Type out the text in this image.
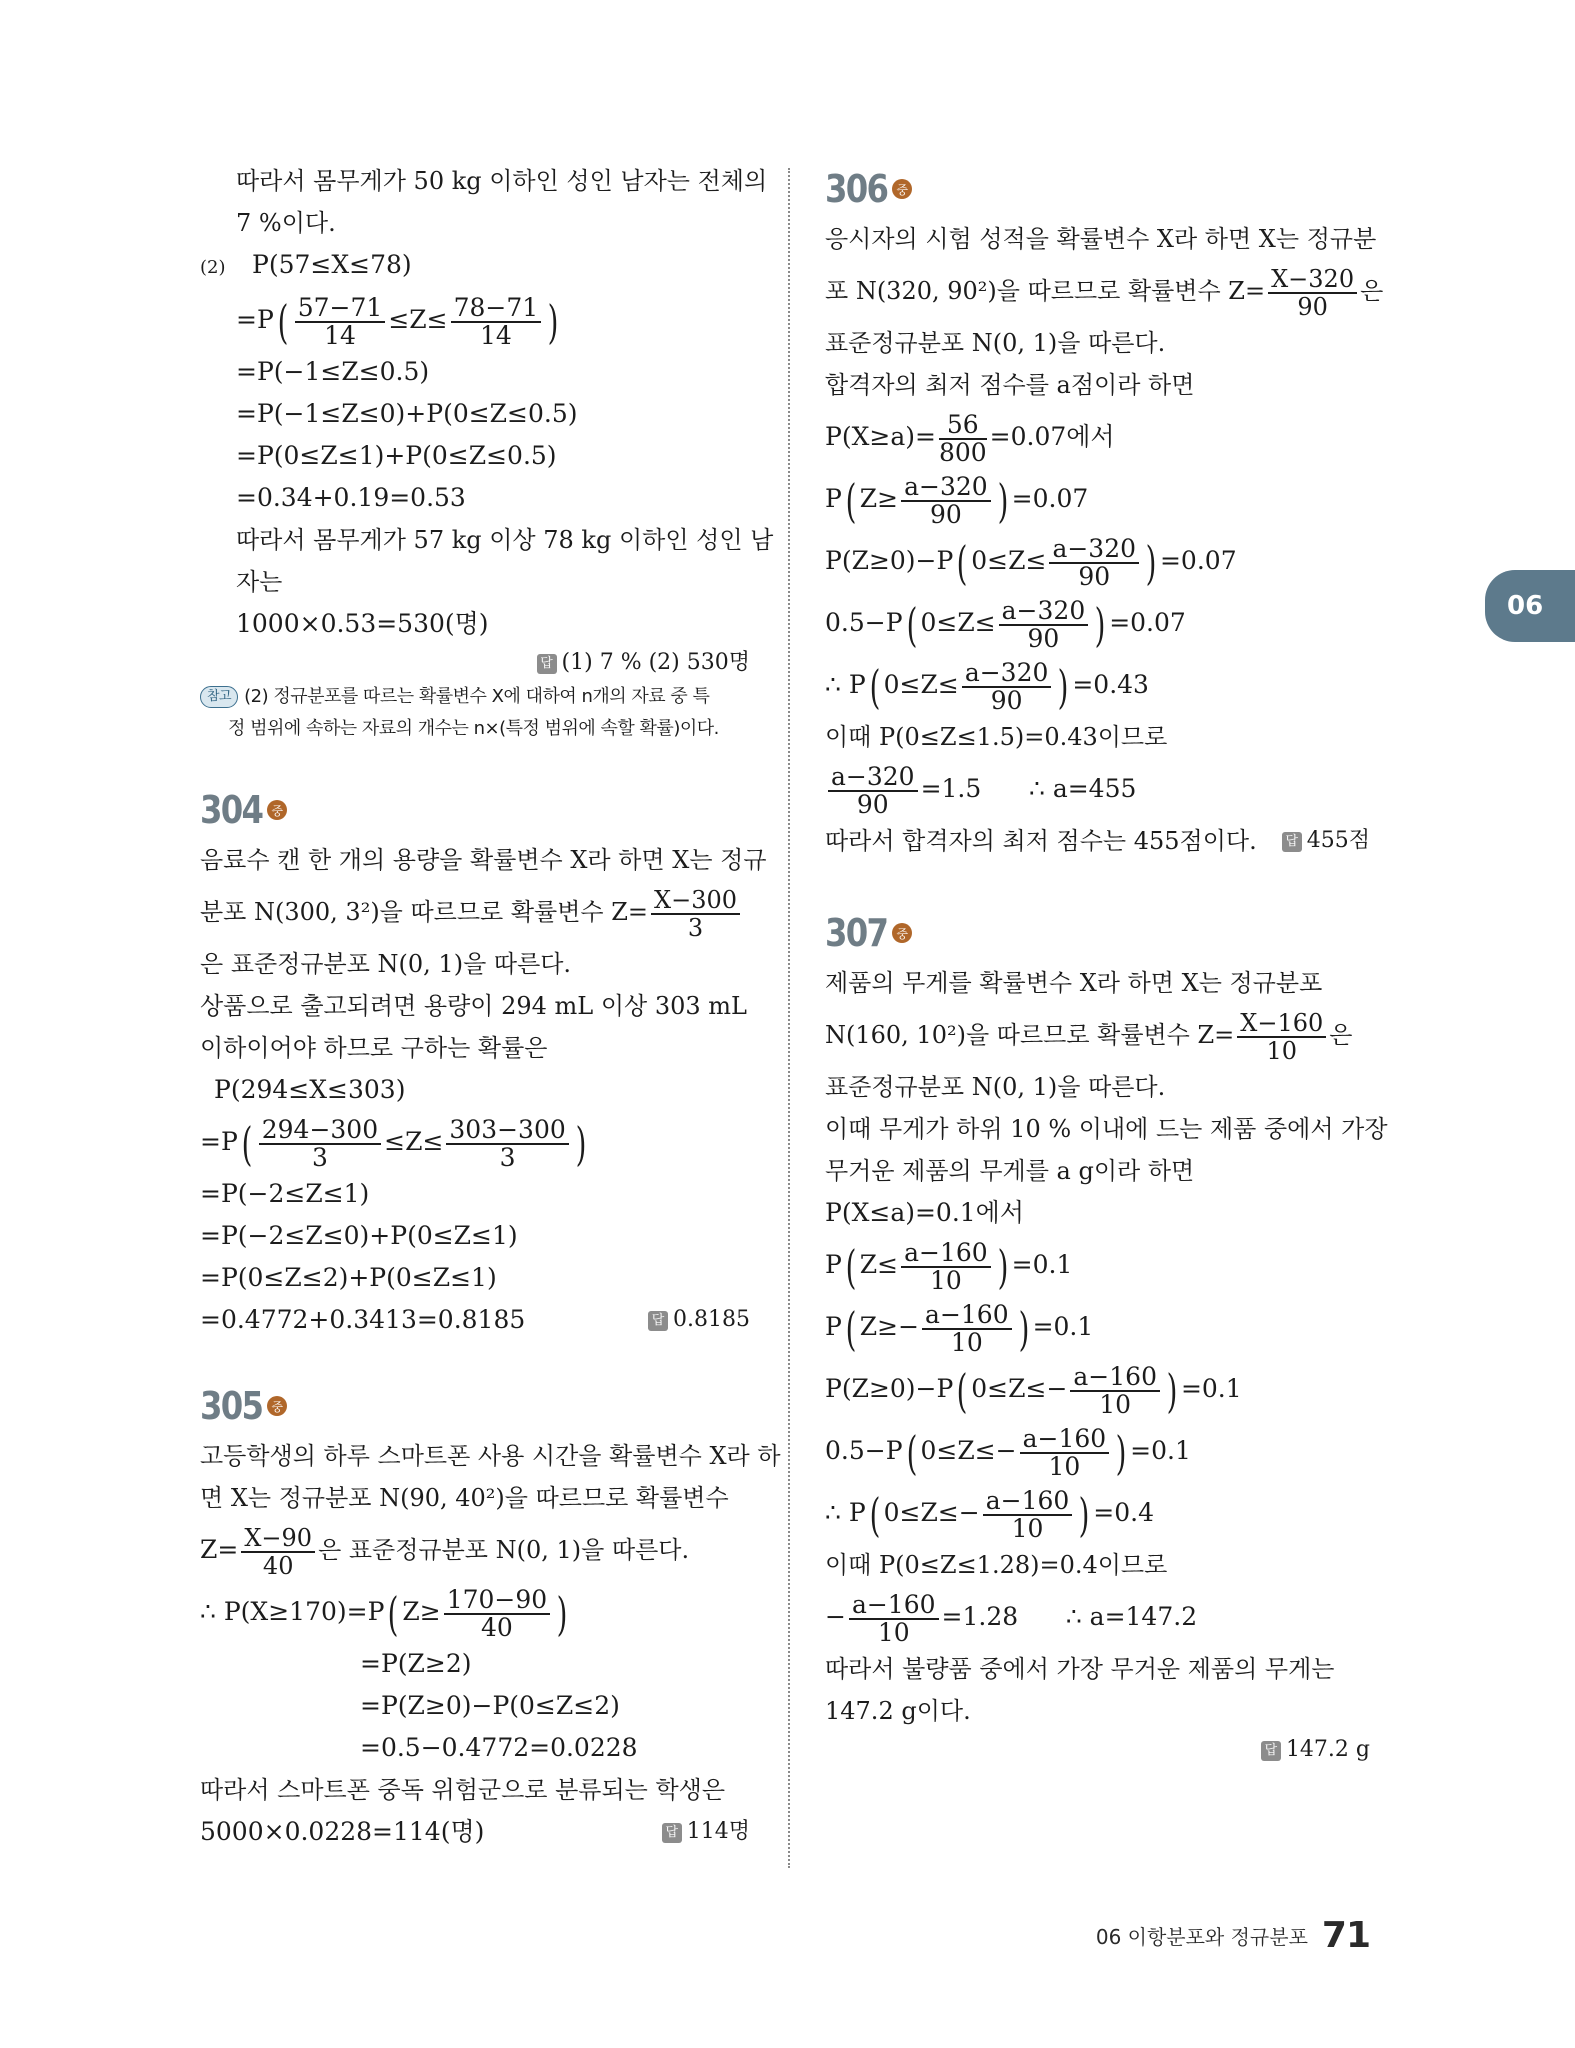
따라서 몸무게가 50 kg 이하인 성인 남자는 전체의
7 %이다.
(2) P(57≤X≤78)
$=P( \frac{57-71}{14} \le Z\le \frac{78-71}{14}$ )
=P(−1≤Z≤0.5)
=P(−1≤Z≤0)+P(0≤Z≤0.5)
=P(0≤Z≤1)+P(0≤Z≤0.5)
=0.34+0.19=0.53
따라서 몸무게가 57 kg 이상 78 kg 이하인 성인 남
자는
1000×0.53=530(명)
답 (1) 7 % (2) 530명
참고 (2) 정규분포를 따르는 확률변수 X에 대하여 n개의 자료 중 특
정 범위에 속하는 자료의 개수는 n×(특정 범위에 속할 확률)이다.
304 중
음료수 캔 한 개의 용량을 확률변수 X라 하면 X는 정규
분포 N(300, 3²)을 따르므로 확률변수 $Z= \frac{X-300}{3}$
은 표준정규분포 N(0, 1)을 따른다.
상품으로 출고되려면 용량이 294 mL 이상 303 mL
이하이어야 하므로 구하는 확률은
P(294≤X≤303)
$=P( \frac{294-300}{3} \le Z\le \frac{303-300}{3}$ )
=P(−2≤Z≤1)
=P(−2≤Z≤0)+P(0≤Z≤1)
=P(0≤Z≤2)+P(0≤Z≤1)
=0.4772+0.3413=0.8185	답 0.8185
305 중
고등학생의 하루 스마트폰 사용 시간을 확률변수 X라 하
면 X는 정규분포 N(90, 40²)을 따르므로 확률변수
$Z= \frac{X-90}{40}$ 은 표준정규분포 N(0, 1)을 따른다.
∴ P(X≥170)=P( $Z\ge \frac{170-90}{40}$ )
=P(Z≥2)
=P(Z≥0)−P(0≤Z≤2)
=0.5−0.4772=0.0228
따라서 스마트폰 중독 위험군으로 분류되는 학생은
5000×0.0228=114(명)	답 114명
306 중
응시자의 시험 성적을 확률변수 X라 하면 X는 정규분
포 N(320, 90²)을 따르므로 확률변수 $Z= \frac{X-320}{90}$ 은
표준정규분포 N(0, 1)을 따른다.
합격자의 최저 점수를 a점이라 하면
$P(X\ge a)= \frac{56}{800} =0.07$에서
P( $Z\ge \frac{a-320}{90}$ ) =0.07
P(Z≥0)−P( $0\le Z\le \frac{a-320}{90}$ ) =0.07
0.5−P( $0\le Z\le \frac{a-320}{90}$ ) =0.07
∴ P( $0\le Z\le \frac{a-320}{90}$ ) =0.43
이때 P(0≤Z≤1.5)=0.43이므로
$\frac{a-320}{90} =1.5$      ∴ a=455
따라서 합격자의 최저 점수는 455점이다. 답 455점
307 중
제품의 무게를 확률변수 X라 하면 X는 정규분포
N(160, 10²)을 따르므로 확률변수 $Z= \frac{X-160}{10}$ 은
표준정규분포 N(0, 1)을 따른다.
이때 무게가 하위 10 % 이내에 드는 제품 중에서 가장
무거운 제품의 무게를 a g이라 하면
P(X≤a)=0.1에서
P( $Z\le \frac{a-160}{10}$ ) =0.1
P( $Z\ge- \frac{a-160}{10}$ ) =0.1
P(Z≥0)−P( $0\le Z\le- \frac{a-160}{10}$ ) =0.1
0.5−P( $0\le Z\le- \frac{a-160}{10}$ ) =0.1
∴ P( $0\le Z\le- \frac{a-160}{10}$ ) =0.4
이때 P(0≤Z≤1.28)=0.4이므로
− $\frac{a-160}{10} =1.28$      ∴ a=147.2
따라서 불량품 중에서 가장 무거운 제품의 무게는
147.2 g이다.
답 147.2 g
06
06 이항분포와 정규분포 71
